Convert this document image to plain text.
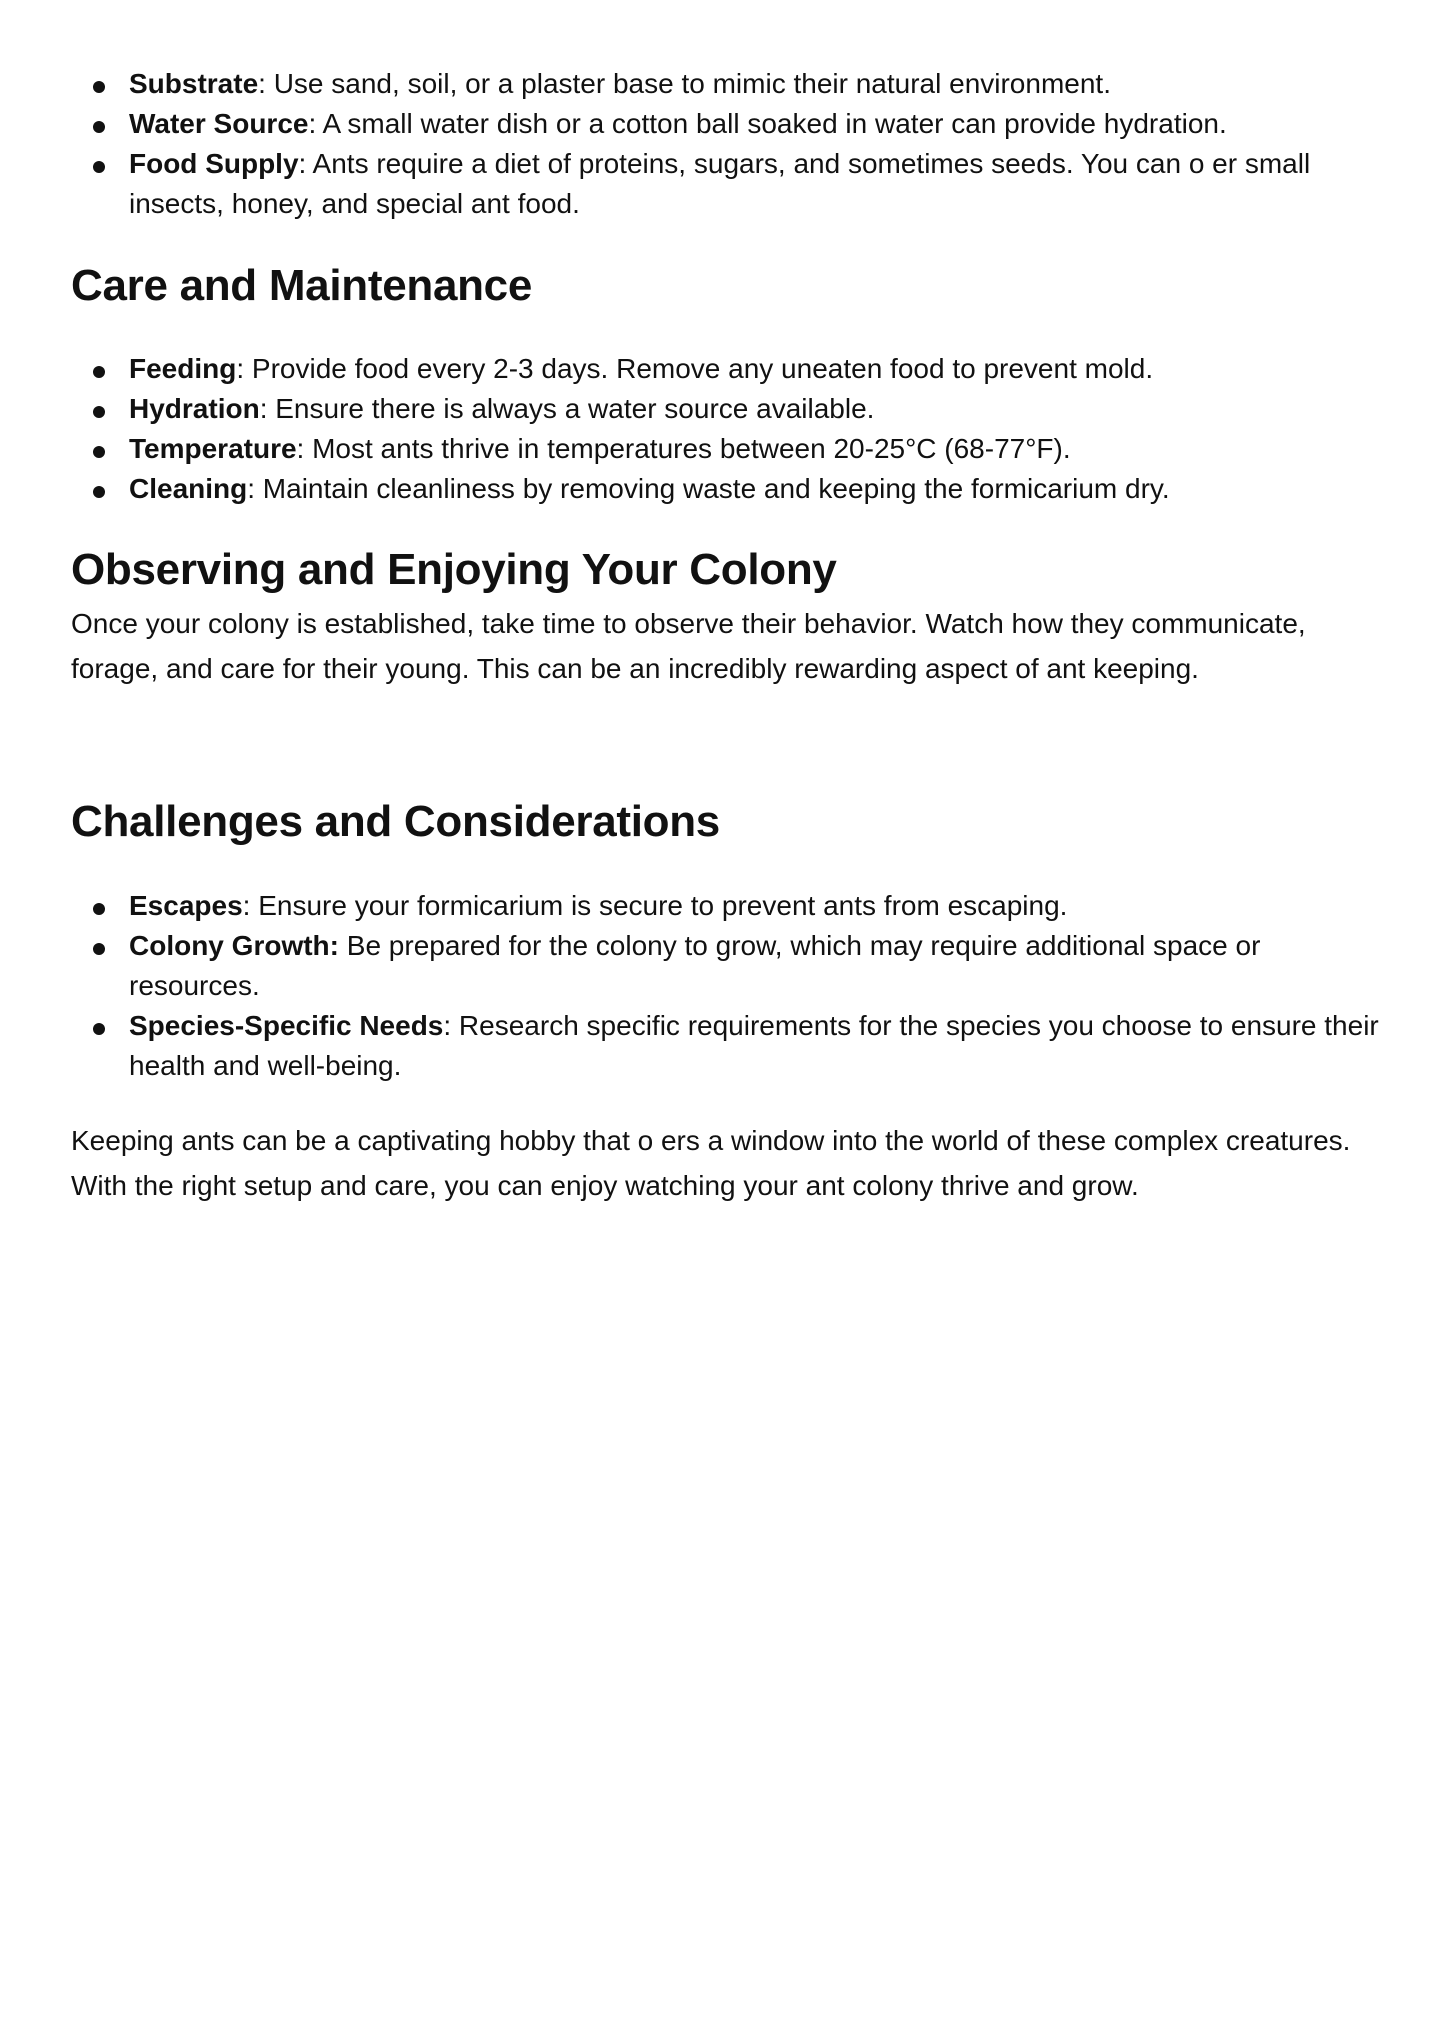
Substrate: Use sand, soil, or a plaster base to mimic their natural environment.
Water Source: A small water dish or a cotton ball soaked in water can provide hydration.
Food Supply: Ants require a diet of proteins, sugars, and sometimes seeds. You can o er small insects, honey, and special ant food.
Care and Maintenance
Feeding: Provide food every 2-3 days. Remove any uneaten food to prevent mold.
Hydration: Ensure there is always a water source available.
Temperature: Most ants thrive in temperatures between 20-25°C (68-77°F).
Cleaning: Maintain cleanliness by removing waste and keeping the formicarium dry.
Observing and Enjoying Your Colony

Once your colony is established, take time to observe their behavior. Watch how they communicate, forage, and care for their young. This can be an incredibly rewarding aspect of ant keeping.

Challenges and Considerations
Escapes: Ensure your formicarium is secure to prevent ants from escaping.
Colony Growth: Be prepared for the colony to grow, which may require additional space or resources.
Species-Specific Needs: Research specific requirements for the species you choose to ensure their health and well-being.

Keeping ants can be a captivating hobby that o ers a window into the world of these complex creatures. With the right setup and care, you can enjoy watching your ant colony thrive and grow.
